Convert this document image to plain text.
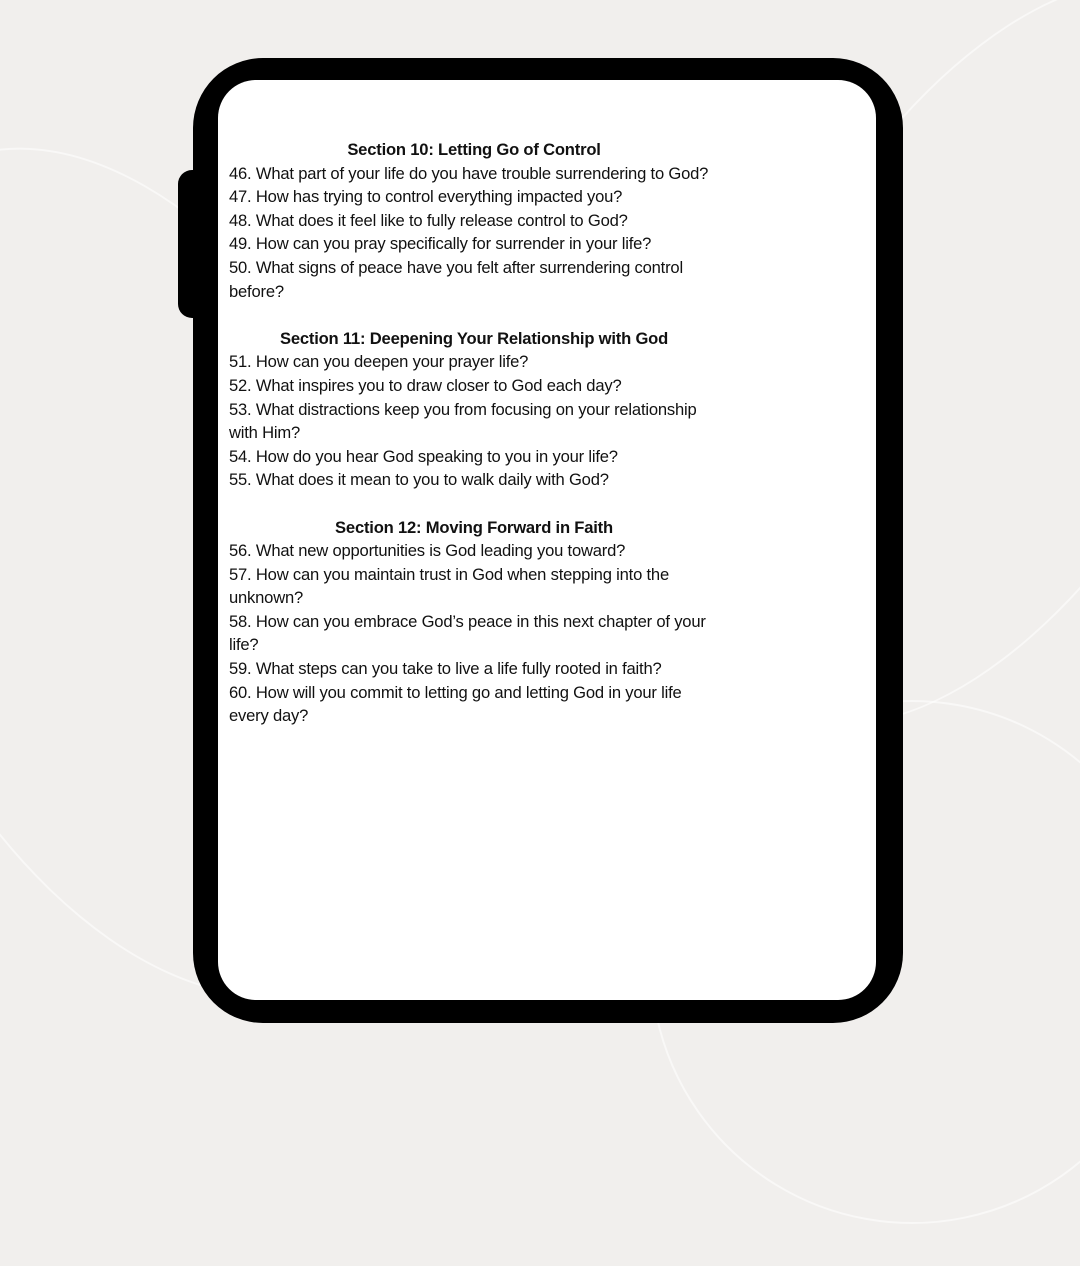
Section 10: Letting Go of Control
46. What part of your life do you have trouble surrendering to God?
47. How has trying to control everything impacted you?
48. What does it feel like to fully release control to God?
49. How can you pray specifically for surrender in your life?
50. What signs of peace have you felt after surrendering control before?
Section 11: Deepening Your Relationship with God
51. How can you deepen your prayer life?
52. What inspires you to draw closer to God each day?
53. What distractions keep you from focusing on your relationship with Him?
54. How do you hear God speaking to you in your life?
55. What does it mean to you to walk daily with God?
Section 12: Moving Forward in Faith
56. What new opportunities is God leading you toward?
57. How can you maintain trust in God when stepping into the unknown?
58. How can you embrace God’s peace in this next chapter of your life?
59. What steps can you take to live a life fully rooted in faith?
60. How will you commit to letting go and letting God in your life every day?
